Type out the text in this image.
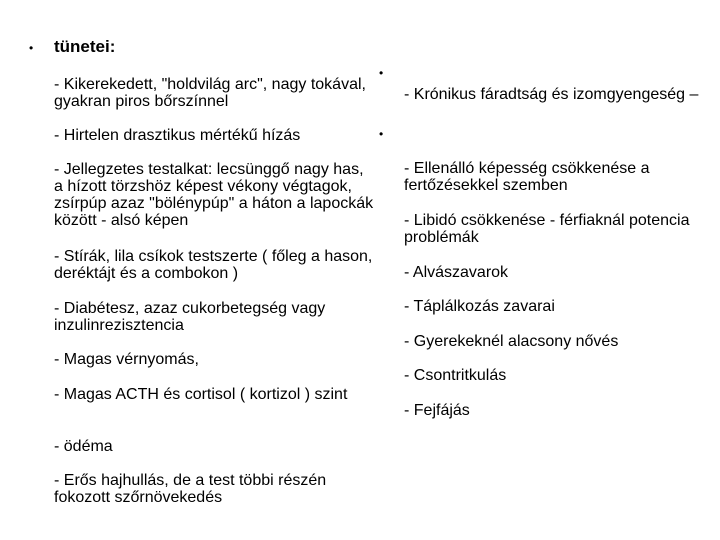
• tünetei:
- Kikerekedett, "holdvilág arc", nagy tokával, gyakran piros bőrszínnel
- Hirtelen drasztikus mértékű hízás
- Jellegzetes testalkat: lecsünggő nagy has, a hízott törzshöz képest vékony végtagok, zsírpúp azaz "bölénypúp" a háton a lapockák között - alsó képen
- Stírák, lila csíkok testszerte ( főleg a hason, derékt​ájt és a combokon )
- Diabétesz, azaz cukorbetegség vagy inzulinrezisztencia
- Magas vérnyomás,
- Magas ACTH és cortisol ( kortizol ) szint
- ödéma
- Erős hajhullás, de a test többi részén fokozott szőrnövekedés
•
•
- Krónikus fáradtság és izomgyengeség –
- Ellenálló képesség csökkenése a fertőzésekkel szemben
- Libidó csökkenése - férfiaknál potencia problémák
- Alvászavarok
- Táplálkozás zavarai
- Gyerekeknél alacsony nővés
- Csontritkulás
- Fejfájás
